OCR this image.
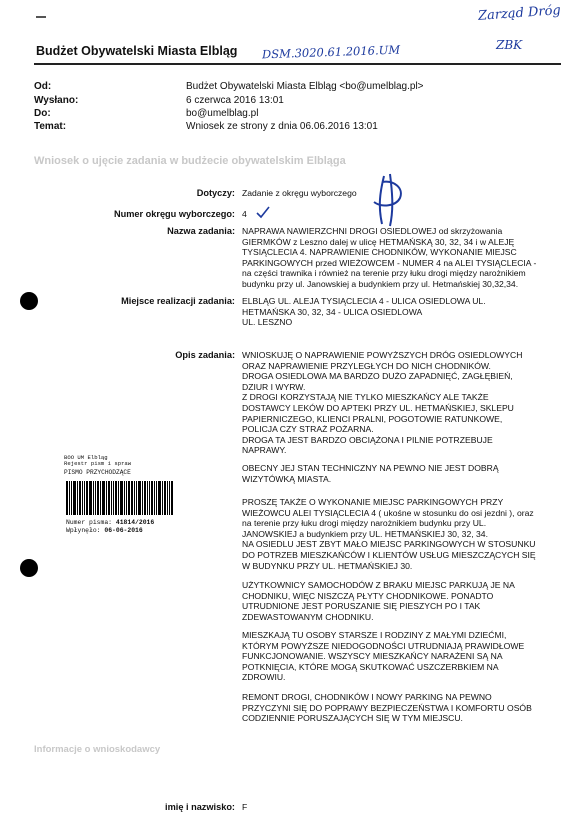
Zarząd Dróg
ZBK
DSM.3020.61.2016.UM
Budżet Obywatelski Miasta Elbląg
Od:	Budżet Obywatelski Miasta Elbląg <bo@umelblag.pl>
Wysłano:	6 czerwca 2016 13:01
Do:	bo@umelblag.pl
Temat:	Wniosek ze strony z dnia 06.06.2016 13:01
Wniosek o ujęcie zadania w budżecie obywatelskim Elbląga
Dotyczy: Zadanie z okręgu wyborczego
Numer okręgu wyborczego: 4
Nazwa zadania: NAPRAWA NAWIERZCHNI DROGI OSIEDLOWEJ od skrzyżowania
GIERMKÓW z Leszno dalej w ulicę HETMAŃSKĄ 30, 32, 34 i w ALEJĘ
TYSIĄCLECIA 4. NAPRAWIENIE CHODNIKÓW, WYKONANIE MIEJSC
PARKINGOWYCH przed WIEŻOWCEM - NUMER 4 na ALEI TYSIĄCLECIA -
na części trawnika i również na terenie przy łuku drogi między narożnikiem
budynku przy ul. Janowskiej a budynkiem przy ul. Hetmańskiej 30,32,34.
Miejsce realizacji zadania: ELBLĄG UL. ALEJA TYSIĄCLECIA 4 - ULICA OSIEDLOWA UL.
HETMAŃSKA 30, 32, 34 - ULICA OSIEDLOWA
UL. LESZNO
Opis zadania: WNIOSKUJĘ O NAPRAWIENIE POWYŻSZYCH DRÓG OSIEDLOWYCH
ORAZ NAPRAWIENIE PRZYLEGŁYCH DO NICH CHODNIKÓW.
DROGA OSIEDLOWA MA BARDZO DUŻO ZAPADNIĘĆ, ZAGŁĘBIEŃ,
DZIUR I WYRW.
Z DROGI KORZYSTAJĄ NIE TYLKO MIESZKAŃCY ALE TAKŻE
DOSTAWCY LEKÓW DO APTEKI PRZY UL. HETMAŃSKIEJ, SKLEPU
PAPIERNICZEGO, KLIENCI PRALNI, POGOTOWIE RATUNKOWE,
POLICJA CZY STRAŻ POŻARNA.
DROGA TA JEST BARDZO OBCIĄŻONA I PILNIE POTRZEBUJE
NAPRAWY.
OBECNY JEJ STAN TECHNICZNY NA PEWNO NIE JEST DOBRĄ
WIZYTÓWKĄ MIASTA.
PROSZĘ TAKŻE O WYKONANIE MIEJSC PARKINGOWYCH PRZY
WIEŻOWCU ALEI TYSIĄCLECIA 4 ( ukośne w stosunku do osi jezdni ), oraz
na terenie przy łuku drogi między narożnikiem budynku przy UL.
JANOWSKIEJ a budynkiem przy UL. HETMAŃSKIEJ 30, 32, 34.
NA OSIEDLU JEST ZBYT MAŁO MIEJSC PARKINGOWYCH W STOSUNKU
DO POTRZEB MIESZKAŃCÓW I KLIENTÓW USŁUG MIESZCZĄCYCH SIĘ
W BUDYNKU PRZY UL. HETMAŃSKIEJ 30.
UŻYTKOWNICY SAMOCHODÓW Z BRAKU MIEJSC PARKUJĄ JE NA
CHODNIKU, WIĘC NISZCZĄ PŁYTY CHODNIKOWE. PONADTO
UTRUDNIONE JEST PORUSZANIE SIĘ PIESZYCH PO I TAK
ZDEWASTOWANYM CHODNIKU.
MIESZKAJĄ TU OSOBY STARSZE I RODZINY Z MAŁYMI DZIEĆMI,
KTÓRYM POWYŻSZE NIEDOGODNOŚCI UTRUDNIAJĄ PRAWIDŁOWE
FUNKCJONOWANIE. WSZYSCY MIESZKAŃCY NARAŻENI SĄ NA
POTKNIĘCIA, KTÓRE MOGĄ SKUTKOWAĆ USZCZERBKIEM NA
ZDROWIU.
REMONT DROGI, CHODNIKÓW I NOWY PARKING NA PEWNO
PRZYCZYNI SIĘ DO POPRAWY BEZPIECZEŃSTWA I KOMFORTU OSÓB
CODZIENNIE PORUSZAJĄCYCH SIĘ W TYM MIEJSCU.
BOO UM Elbląg
Rejestr pism i spraw
PISMO PRZYCHODZĄCE
Numer pisma: 41814/2016
Wpłynęło: 06-06-2016
Informacje o wnioskodawcy
imię i nazwisko: F
